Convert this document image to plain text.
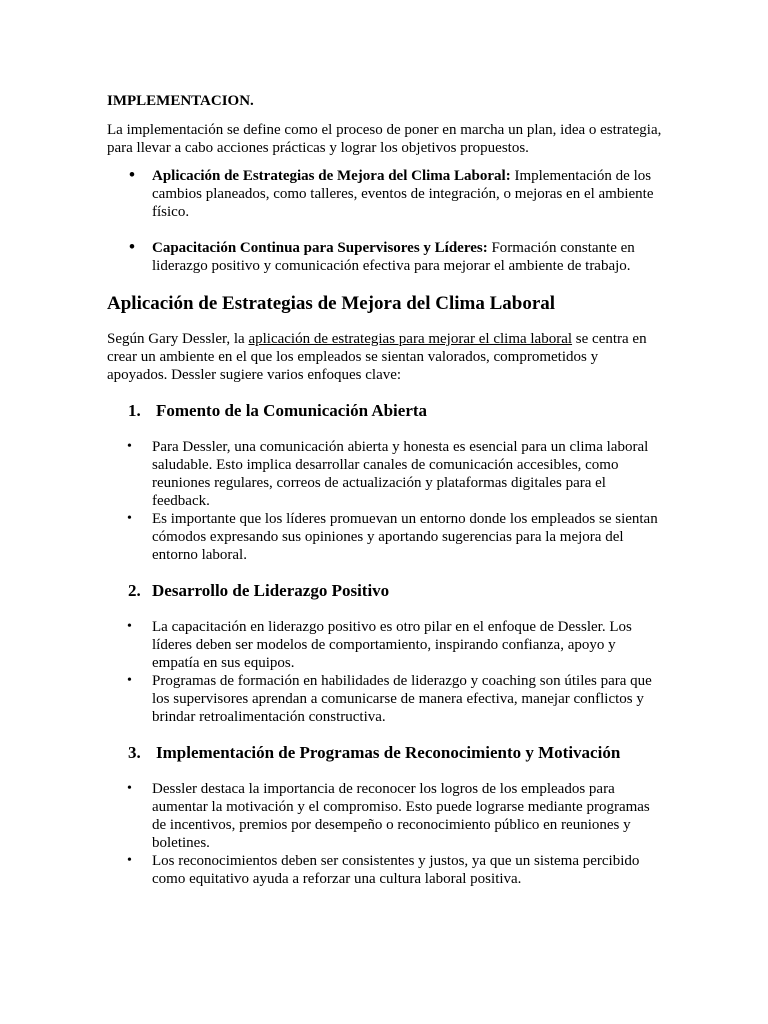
IMPLEMENTACION.

La implementación se define como el proceso de poner en marcha un plan, idea o estrategia, para llevar a cabo acciones prácticas y lograr los objetivos propuestos.

• Aplicación de Estrategias de Mejora del Clima Laboral: Implementación de los cambios planeados, como talleres, eventos de integración, o mejoras en el ambiente físico.
• Capacitación Continua para Supervisores y Líderes: Formación constante en liderazgo positivo y comunicación efectiva para mejorar el ambiente de trabajo.
Aplicación de Estrategias de Mejora del Clima Laboral

Según Gary Dessler, la aplicación de estrategias para mejorar el clima laboral se centra en crear un ambiente en el que los empleados se sientan valorados, comprometidos y apoyados. Dessler sugiere varios enfoques clave:

1. Fomento de la Comunicación Abierta
• Para Dessler, una comunicación abierta y honesta es esencial para un clima laboral saludable. Esto implica desarrollar canales de comunicación accesibles, como reuniones regulares, correos de actualización y plataformas digitales para el feedback.
• Es importante que los líderes promuevan un entorno donde los empleados se sientan cómodos expresando sus opiniones y aportando sugerencias para la mejora del entorno laboral.
2. Desarrollo de Liderazgo Positivo
• La capacitación en liderazgo positivo es otro pilar en el enfoque de Dessler. Los líderes deben ser modelos de comportamiento, inspirando confianza, apoyo y empatía en sus equipos.
• Programas de formación en habilidades de liderazgo y coaching son útiles para que los supervisores aprendan a comunicarse de manera efectiva, manejar conflictos y brindar retroalimentación constructiva.
3. Implementación de Programas de Reconocimiento y Motivación
• Dessler destaca la importancia de reconocer los logros de los empleados para aumentar la motivación y el compromiso. Esto puede lograrse mediante programas de incentivos, premios por desempeño o reconocimiento público en reuniones y boletines.
• Los reconocimientos deben ser consistentes y justos, ya que un sistema percibido como equitativo ayuda a reforzar una cultura laboral positiva.
